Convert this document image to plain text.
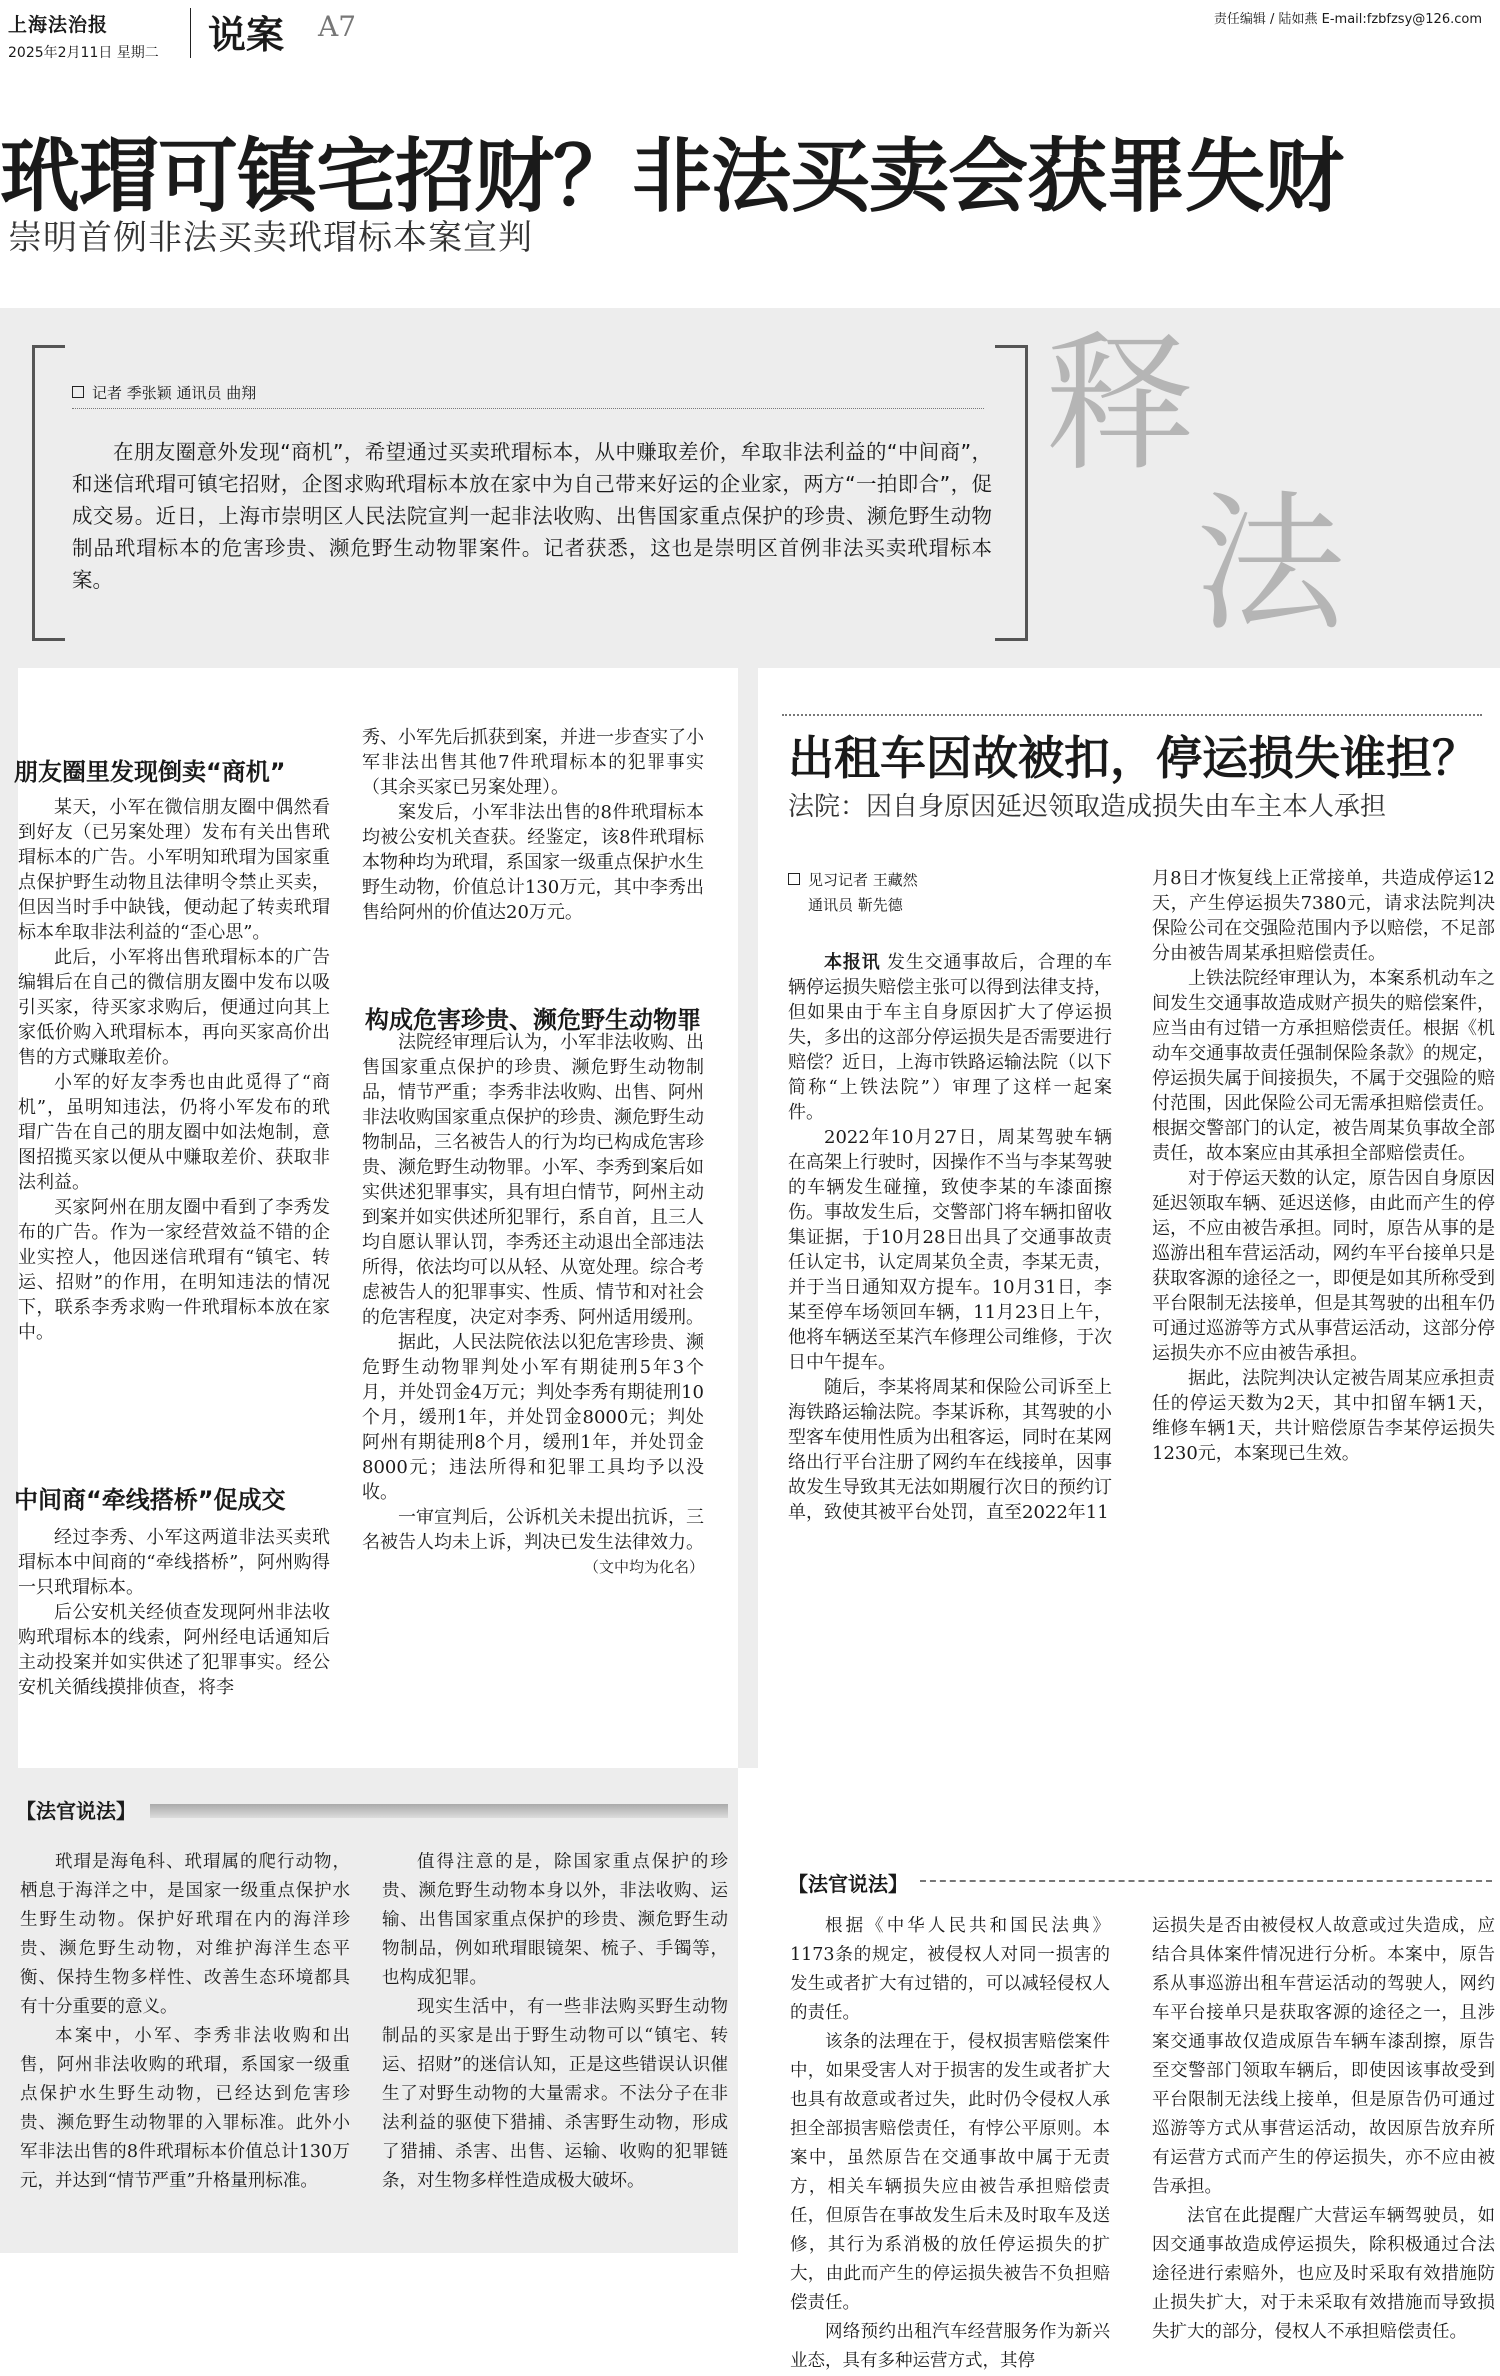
上海法治报
2025年2月11日 星期二 说案 A7	责任编辑 / 陆如燕 E-mail:fzbfzsy@126.com
玳瑁可镇宅招财？非法买卖会获罪失财
崇明首例非法买卖玳瑁标本案宣判
记者 季张颖 通讯员 曲翔
在朋友圈意外发现“商机”，希望通过买卖玳瑁标本，从中赚取差价，牟取非法利益的“中间商”，和迷信玳瑁可镇宅招财，企图求购玳瑁标本放在家中为自己带来好运的企业家，两方“一拍即合”，促成交易。近日，上海市崇明区人民法院宣判一起非法收购、出售国家重点保护的珍贵、濒危野生动物制品玳瑁标本的危害珍贵、濒危野生动物罪案件。记者获悉，这也是崇明区首例非法买卖玳瑁标本案。
释
法
朋友圈里发现倒卖“商机”

某天，小军在微信朋友圈中偶然看到好友（已另案处理）发布有关出售玳瑁标本的广告。小军明知玳瑁为国家重点保护野生动物且法律明令禁止买卖，但因当时手中缺钱，便动起了转卖玳瑁标本牟取非法利益的“歪心思”。

此后，小军将出售玳瑁标本的广告编辑后在自己的微信朋友圈中发布以吸引买家，待买家求购后，便通过向其上家低价购入玳瑁标本，再向买家高价出售的方式赚取差价。

小军的好友李秀也由此觅得了“商机”，虽明知违法，仍将小军发布的玳瑁广告在自己的朋友圈中如法炮制，意图招揽买家以便从中赚取差价、获取非法利益。

买家阿州在朋友圈中看到了李秀发布的广告。作为一家经营效益不错的企业实控人，他因迷信玳瑁有“镇宅、转运、招财”的作用，在明知违法的情况下，联系李秀求购一件玳瑁标本放在家中。

中间商“牵线搭桥”促成交

经过李秀、小军这两道非法买卖玳瑁标本中间商的“牵线搭桥”，阿州购得一只玳瑁标本。

后公安机关经侦查发现阿州非法收购玳瑁标本的线索，阿州经电话通知后主动投案并如实供述了犯罪事实。经公安机关循线摸排侦查，将李

秀、小军先后抓获到案，并进一步查实了小军非法出售其他7件玳瑁标本的犯罪事实（其余买家已另案处理）。

案发后，小军非法出售的8件玳瑁标本均被公安机关查获。经鉴定，该8件玳瑁标本物种均为玳瑁，系国家一级重点保护水生野生动物，价值总计130万元，其中李秀出售给阿州的价值达20万元。

构成危害珍贵、濒危野生动物罪

法院经审理后认为，小军非法收购、出售国家重点保护的珍贵、濒危野生动物制品，情节严重；李秀非法收购、出售、阿州非法收购国家重点保护的珍贵、濒危野生动物制品，三名被告人的行为均已构成危害珍贵、濒危野生动物罪。小军、李秀到案后如实供述犯罪事实，具有坦白情节，阿州主动到案并如实供述所犯罪行，系自首，且三人均自愿认罪认罚，李秀还主动退出全部违法所得，依法均可以从轻、从宽处理。综合考虑被告人的犯罪事实、性质、情节和对社会的危害程度，决定对李秀、阿州适用缓刑。

据此，人民法院依法以犯危害珍贵、濒危野生动物罪判处小军有期徒刑5年3个月，并处罚金4万元；判处李秀有期徒刑10个月，缓刑1年，并处罚金8000元；判处阿州有期徒刑8个月，缓刑1年，并处罚金8000元；违法所得和犯罪工具均予以没收。

一审宣判后，公诉机关未提出抗诉，三名被告人均未上诉，判决已发生法律效力。

（文中均为化名）

【法官说法】

玳瑁是海龟科、玳瑁属的爬行动物，栖息于海洋之中，是国家一级重点保护水生野生动物。保护好玳瑁在内的海洋珍贵、濒危野生动物，对维护海洋生态平衡、保持生物多样性、改善生态环境都具有十分重要的意义。

本案中，小军、李秀非法收购和出售，阿州非法收购的玳瑁，系国家一级重点保护水生野生动物，已经达到危害珍贵、濒危野生动物罪的入罪标准。此外小军非法出售的8件玳瑁标本价值总计130万元，并达到“情节严重”升格量刑标准。

值得注意的是，除国家重点保护的珍贵、濒危野生动物本身以外，非法收购、运输、出售国家重点保护的珍贵、濒危野生动物制品，例如玳瑁眼镜架、梳子、手镯等，也构成犯罪。

现实生活中，有一些非法购买野生动物制品的买家是出于野生动物可以“镇宅、转运、招财”的迷信认知，正是这些错误认识催生了对野生动物的大量需求。不法分子在非法利益的驱使下猎捕、杀害野生动物，形成了猎捕、杀害、出售、运输、收购的犯罪链条，对生物多样性造成极大破坏。

出租车因故被扣，停运损失谁担？
法院：因自身原因延迟领取造成损失由车主本人承担
见习记者 王藏然
通讯员 靳先德

本报讯 发生交通事故后，合理的车辆停运损失赔偿主张可以得到法律支持，但如果由于车主自身原因扩大了停运损失，多出的这部分停运损失是否需要进行赔偿？近日，上海市铁路运输法院（以下简称“上铁法院”）审理了这样一起案件。

2022年10月27日，周某驾驶车辆在高架上行驶时，因操作不当与李某驾驶的车辆发生碰撞，致使李某的车漆面擦伤。事故发生后，交警部门将车辆扣留收集证据，于10月28日出具了交通事故责任认定书，认定周某负全责，李某无责，并于当日通知双方提车。10月31日，李某至停车场领回车辆，11月23日上午，他将车辆送至某汽车修理公司维修，于次日中午提车。

随后，李某将周某和保险公司诉至上海铁路运输法院。李某诉称，其驾驶的小型客车使用性质为出租客运，同时在某网络出行平台注册了网约车在线接单，因事故发生导致其无法如期履行次日的预约订单，致使其被平台处罚，直至2022年11

月8日才恢复线上正常接单，共造成停运12天，产生停运损失7380元，请求法院判决保险公司在交强险范围内予以赔偿，不足部分由被告周某承担赔偿责任。

上铁法院经审理认为，本案系机动车之间发生交通事故造成财产损失的赔偿案件，应当由有过错一方承担赔偿责任。根据《机动车交通事故责任强制保险条款》的规定，停运损失属于间接损失，不属于交强险的赔付范围，因此保险公司无需承担赔偿责任。根据交警部门的认定，被告周某负事故全部责任，故本案应由其承担全部赔偿责任。

对于停运天数的认定，原告因自身原因延迟领取车辆、延迟送修，由此而产生的停运，不应由被告承担。同时，原告从事的是巡游出租车营运活动，网约车平台接单只是获取客源的途径之一，即便是如其所称受到平台限制无法接单，但是其驾驶的出租车仍可通过巡游等方式从事营运活动，这部分停运损失亦不应由被告承担。

据此，法院判决认定被告周某应承担责任的停运天数为2天，其中扣留车辆1天，维修车辆1天，共计赔偿原告李某停运损失1230元，本案现已生效。

【法官说法】

根据《中华人民共和国民法典》1173条的规定，被侵权人对同一损害的发生或者扩大有过错的，可以减轻侵权人的责任。

该条的法理在于，侵权损害赔偿案件中，如果受害人对于损害的发生或者扩大也具有故意或者过失，此时仍令侵权人承担全部损害赔偿责任，有悖公平原则。本案中，虽然原告在交通事故中属于无责方，相关车辆损失应由被告承担赔偿责任，但原告在事故发生后未及时取车及送修，其行为系消极的放任停运损失的扩大，由此而产生的停运损失被告不负担赔偿责任。

网络预约出租汽车经营服务作为新兴业态，具有多种运营方式，其停

运损失是否由被侵权人故意或过失造成，应结合具体案件情况进行分析。本案中，原告系从事巡游出租车营运活动的驾驶人，网约车平台接单只是获取客源的途径之一，且涉案交通事故仅造成原告车辆车漆刮擦，原告至交警部门领取车辆后，即使因该事故受到平台限制无法线上接单，但是原告仍可通过巡游等方式从事营运活动，故因原告放弃所有运营方式而产生的停运损失，亦不应由被告承担。

法官在此提醒广大营运车辆驾驶员，如因交通事故造成停运损失，除积极通过合法途径进行索赔外，也应及时采取有效措施防止损失扩大，对于未采取有效措施而导致损失扩大的部分，侵权人不承担赔偿责任。
